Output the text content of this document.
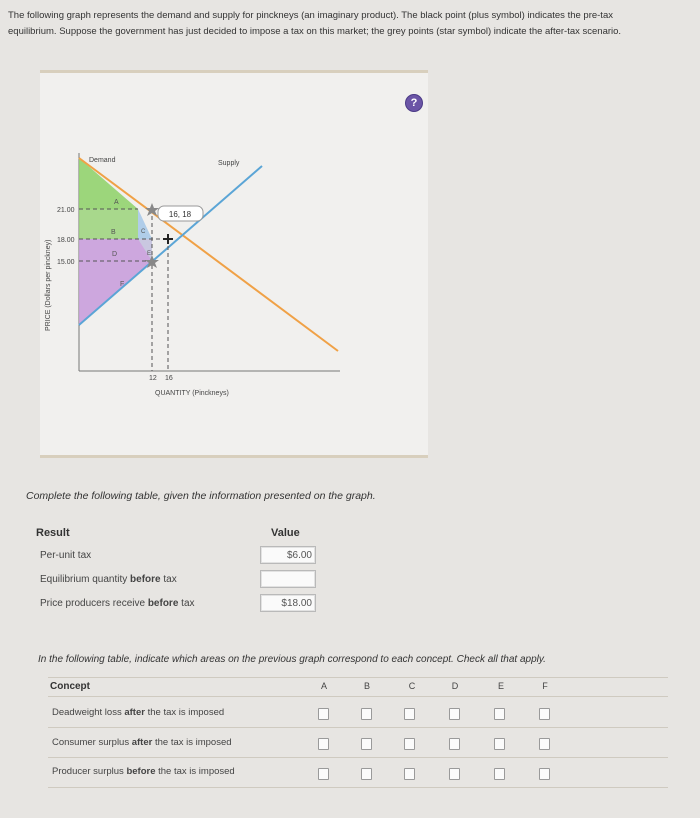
The following graph represents the demand and supply for pinckneys (an imaginary product). The black point (plus symbol) indicates the pre-tax
equilibrium. Suppose the government has just decided to impose a tax on this market; the grey points (star symbol) indicate the after-tax scenario.
16, 18
Demand	Supply
A
B	C
D	E
F
21.00
18.00
15.00
12 16
QUANTITY (Pinckneys)
PRICE (Dollars per pinckney)
?
Complete the following table, given the information presented on the graph.
Result	Value
Per-unit tax	$6.00
Equilibrium quantity before tax
Price producers receive before tax	$18.00
In the following table, indicate which areas on the previous graph correspond to each concept. Check all that apply.
Concept	A	B	C	D	E	F
Deadweight loss after the tax is imposed
Consumer surplus after the tax is imposed
Producer surplus before the tax is imposed
